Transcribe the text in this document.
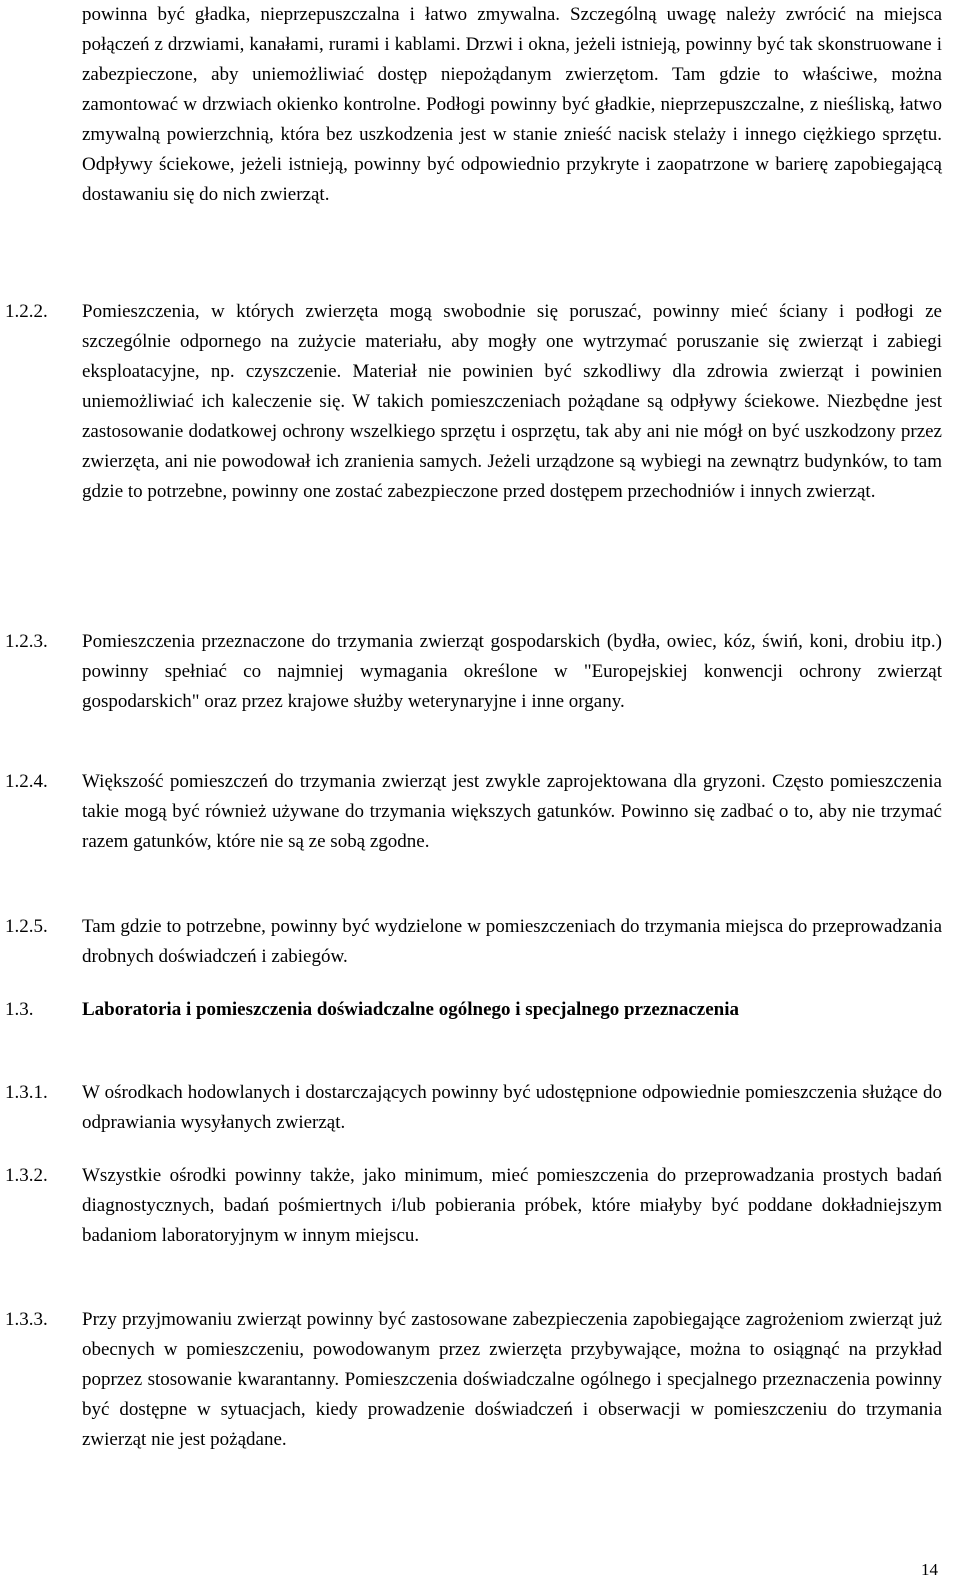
powinna być gładka, nieprzepuszczalna i łatwo zmywalna. Szczególną uwagę należy zwrócić na miejsca połączeń z drzwiami, kanałami, rurami i kablami. Drzwi i okna, jeżeli istnieją, powinny być tak skonstruowane i zabezpieczone, aby uniemożliwiać dostęp niepożądanym zwierzętom. Tam gdzie to właściwe, można zamontować w drzwiach okienko kontrolne. Podłogi powinny być gładkie, nieprzepuszczalne, z nieśliską, łatwo zmywalną powierzchnią, która bez uszkodzenia jest w stanie znieść nacisk stelaży i innego ciężkiego sprzętu. Odpływy ściekowe, jeżeli istnieją, powinny być odpowiednio przykryte i zaopatrzone w barierę zapobiegającą dostawaniu się do nich zwierząt.

1.2.2.	Pomieszczenia, w których zwierzęta mogą swobodnie się poruszać, powinny mieć ściany i podłogi ze szczególnie odpornego na zużycie materiału, aby mogły one wytrzymać poruszanie się zwierząt i zabiegi eksploatacyjne, np. czyszczenie. Materiał nie powinien być szkodliwy dla zdrowia zwierząt i powinien uniemożliwiać ich kaleczenie się. W takich pomieszczeniach pożądane są odpływy ściekowe. Niezbędne jest zastosowanie dodatkowej ochrony wszelkiego sprzętu i osprzętu, tak aby ani nie mógł on być uszkodzony przez zwierzęta, ani nie powodował ich zranienia samych. Jeżeli urządzone są wybiegi na zewnątrz budynków, to tam gdzie to potrzebne, powinny one zostać zabezpieczone przed dostępem przechodniów i innych zwierząt.

1.2.3.	Pomieszczenia przeznaczone do trzymania zwierząt gospodarskich (bydła, owiec, kóz, świń, koni, drobiu itp.) powinny spełniać co najmniej wymagania określone w "Europejskiej konwencji ochrony zwierząt gospodarskich" oraz przez krajowe służby weterynaryjne i inne organy.

1.2.4.	Większość pomieszczeń do trzymania zwierząt jest zwykle zaprojektowana dla gryzoni. Często pomieszczenia takie mogą być również używane do trzymania większych gatunków. Powinno się zadbać o to, aby nie trzymać razem gatunków, które nie są ze sobą zgodne.

1.2.5.	Tam gdzie to potrzebne, powinny być wydzielone w pomieszczeniach do trzymania miejsca do przeprowadzania drobnych doświadczeń i zabiegów.

1.3.	Laboratoria i pomieszczenia doświadczalne ogólnego i specjalnego przeznaczenia

1.3.1.	W ośrodkach hodowlanych i dostarczających powinny być udostępnione odpowiednie pomieszczenia służące do odprawiania wysyłanych zwierząt.

1.3.2.	Wszystkie ośrodki powinny także, jako minimum, mieć pomieszczenia do przeprowadzania prostych badań diagnostycznych, badań pośmiertnych i/lub pobierania próbek, które miałyby być poddane dokładniejszym badaniom laboratoryjnym w innym miejscu.

1.3.3.	Przy przyjmowaniu zwierząt powinny być zastosowane zabezpieczenia zapobiegające zagrożeniom zwierząt już obecnych w pomieszczeniu, powodowanym przez zwierzęta przybywające, można to osiągnąć na przykład poprzez stosowanie kwarantanny. Pomieszczenia doświadczalne ogólnego i specjalnego przeznaczenia powinny być dostępne w sytuacjach, kiedy prowadzenie doświadczeń i obserwacji w pomieszczeniu do trzymania zwierząt nie jest pożądane.

14
